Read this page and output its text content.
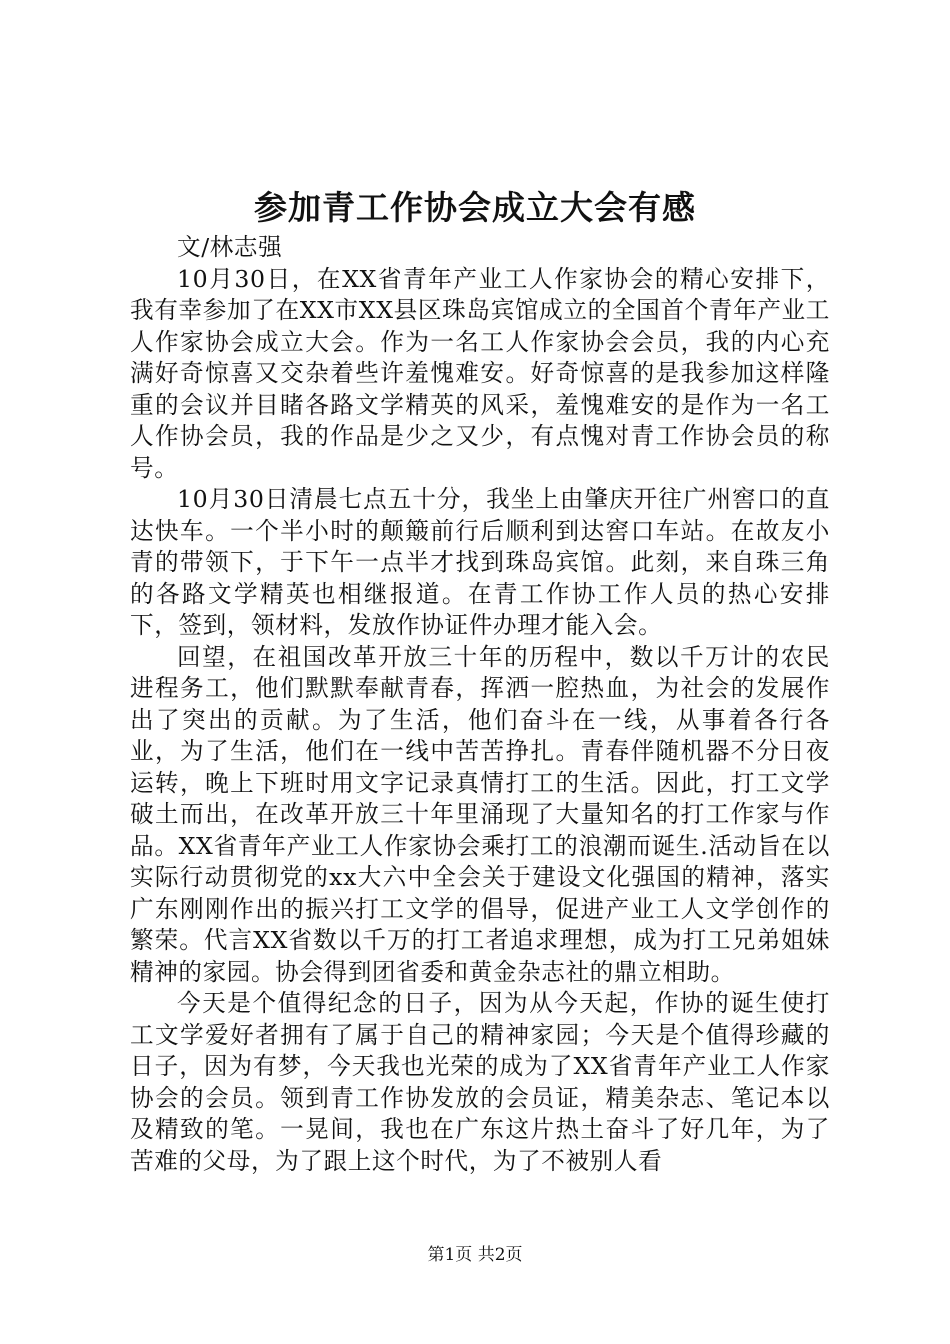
参加青工作协会成立大会有感

文/林志强

10月30日，在XX省青年产业工人作家协会的精心安排下，我有幸参加了在XX市XX县区珠岛宾馆成立的全国首个青年产业工人作家协会成立大会。作为一名工人作家协会会员，我的内心充满好奇惊喜又交杂着些许羞愧难安。好奇惊喜的是我参加这样隆重的会议并目睹各路文学精英的风采，羞愧难安的是作为一名工人作协会员，我的作品是少之又少，有点愧对青工作协会员的称号。

10月30日清晨七点五十分，我坐上由肇庆开往广州窖口的直达快车。一个半小时的颠簸前行后顺利到达窖口车站。在故友小青的带领下，于下午一点半才找到珠岛宾馆。此刻，来自珠三角的各路文学精英也相继报道。在青工作协工作人员的热心安排下，签到，领材料，发放作协证件办理才能入会。

回望，在祖国改革开放三十年的历程中，数以千万计的农民进程务工，他们默默奉献青春，挥洒一腔热血，为社会的发展作出了突出的贡献。为了生活，他们奋斗在一线，从事着各行各业，为了生活，他们在一线中苦苦挣扎。青春伴随机器不分日夜运转，晚上下班时用文字记录真情打工的生活。因此，打工文学破土而出，在改革开放三十年里涌现了大量知名的打工作家与作品。XX省青年产业工人作家协会乘打工的浪潮而诞生.活动旨在以实际行动贯彻党的xx大六中全会关于建设文化强国的精神，落实广东刚刚作出的振兴打工文学的倡导，促进产业工人文学创作的繁荣。代言XX省数以千万的打工者追求理想，成为打工兄弟姐妹精神的家园。协会得到团省委和黄金杂志社的鼎立相助。

今天是个值得纪念的日子，因为从今天起，作协的诞生使打工文学爱好者拥有了属于自己的精神家园；今天是个值得珍藏的日子，因为有梦，今天我也光荣的成为了XX省青年产业工人作家协会的会员。领到青工作协发放的会员证，精美杂志、笔记本以及精致的笔。一晃间，我也在广东这片热土奋斗了好几年，为了苦难的父母，为了跟上这个时代，为了不被别人看

第1页 共2页
